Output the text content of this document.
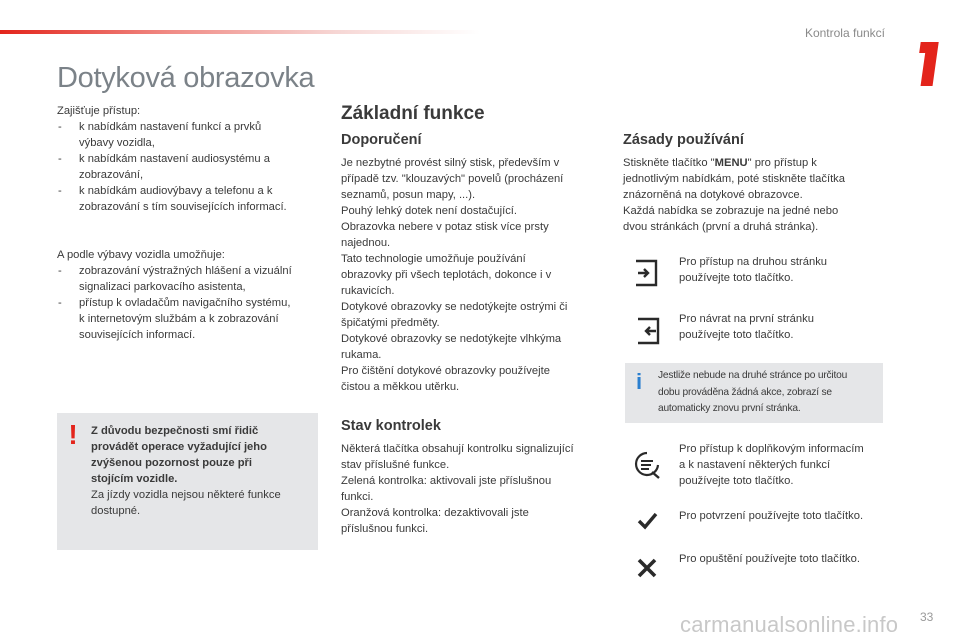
Kontrola funkcí
1
Dotyková obrazovka

Zajišťuje přístup:

- k nabídkám nastavení funkcí a prvků
výbavy vozidla,
- k nabídkám nastavení audiosystému a
zobrazování,
- k nabídkám audiovýbavy a telefonu a k
zobrazování s tím souvisejících informací.

A podle výbavy vozidla umožňuje:

- zobrazování výstražných hlášení a vizuální
signalizaci parkovacího asistenta,
- přístup k ovladačům navigačního systému,
k internetovým službám a k zobrazování
souvisejících informací.
!	Z důvodu bezpečnosti smí řidič
provádět operace vyžadující jeho
zvýšenou pozornost pouze při
stojícím vozidle.
Za jízdy vozidla nejsou některé funkce
dostupné.
Základní funkce
Doporučení
Je nezbytné provést silný stisk, především v
případě tzv. "klouzavých" povelů (procházení
seznamů, posun mapy, ...).
Pouhý lehký dotek není dostačující.
Obrazovka nebere v potaz stisk více prsty
najednou.
Tato technologie umožňuje používání
obrazovky při všech teplotách, dokonce i v
rukavicích.
Dotykové obrazovky se nedotýkejte ostrými či
špičatými předměty.
Dotykové obrazovky se nedotýkejte vlhkýma
rukama.
Pro čištění dotykové obrazovky používejte
čistou a měkkou utěrku.
Stav kontrolek
Některá tlačítka obsahují kontrolku signalizující
stav příslušné funkce.
Zelená kontrolka: aktivovali jste příslušnou
funkci.
Oranžová kontrolka: dezaktivovali jste
příslušnou funkci.
Zásady používání
Stiskněte tlačítko "MENU" pro přístup k
jednotlivým nabídkám, poté stiskněte tlačítka
znázorněná na dotykové obrazovce.
Každá nabídka se zobrazuje na jedné nebo
dvou stránkách (první a druhá stránka).
Pro přístup na druhou stránku
používejte toto tlačítko.
Pro návrat na první stránku
používejte toto tlačítko.
i	Jestliže nebude na druhé stránce po určitou
dobu prováděna žádná akce, zobrazí se
automaticky znovu první stránka.
Pro přístup k doplňkovým informacím
a k nastavení některých funkcí
používejte toto tlačítko.
Pro potvrzení používejte toto tlačítko.
Pro opuštění používejte toto tlačítko.
carmanualsonline.info 33
